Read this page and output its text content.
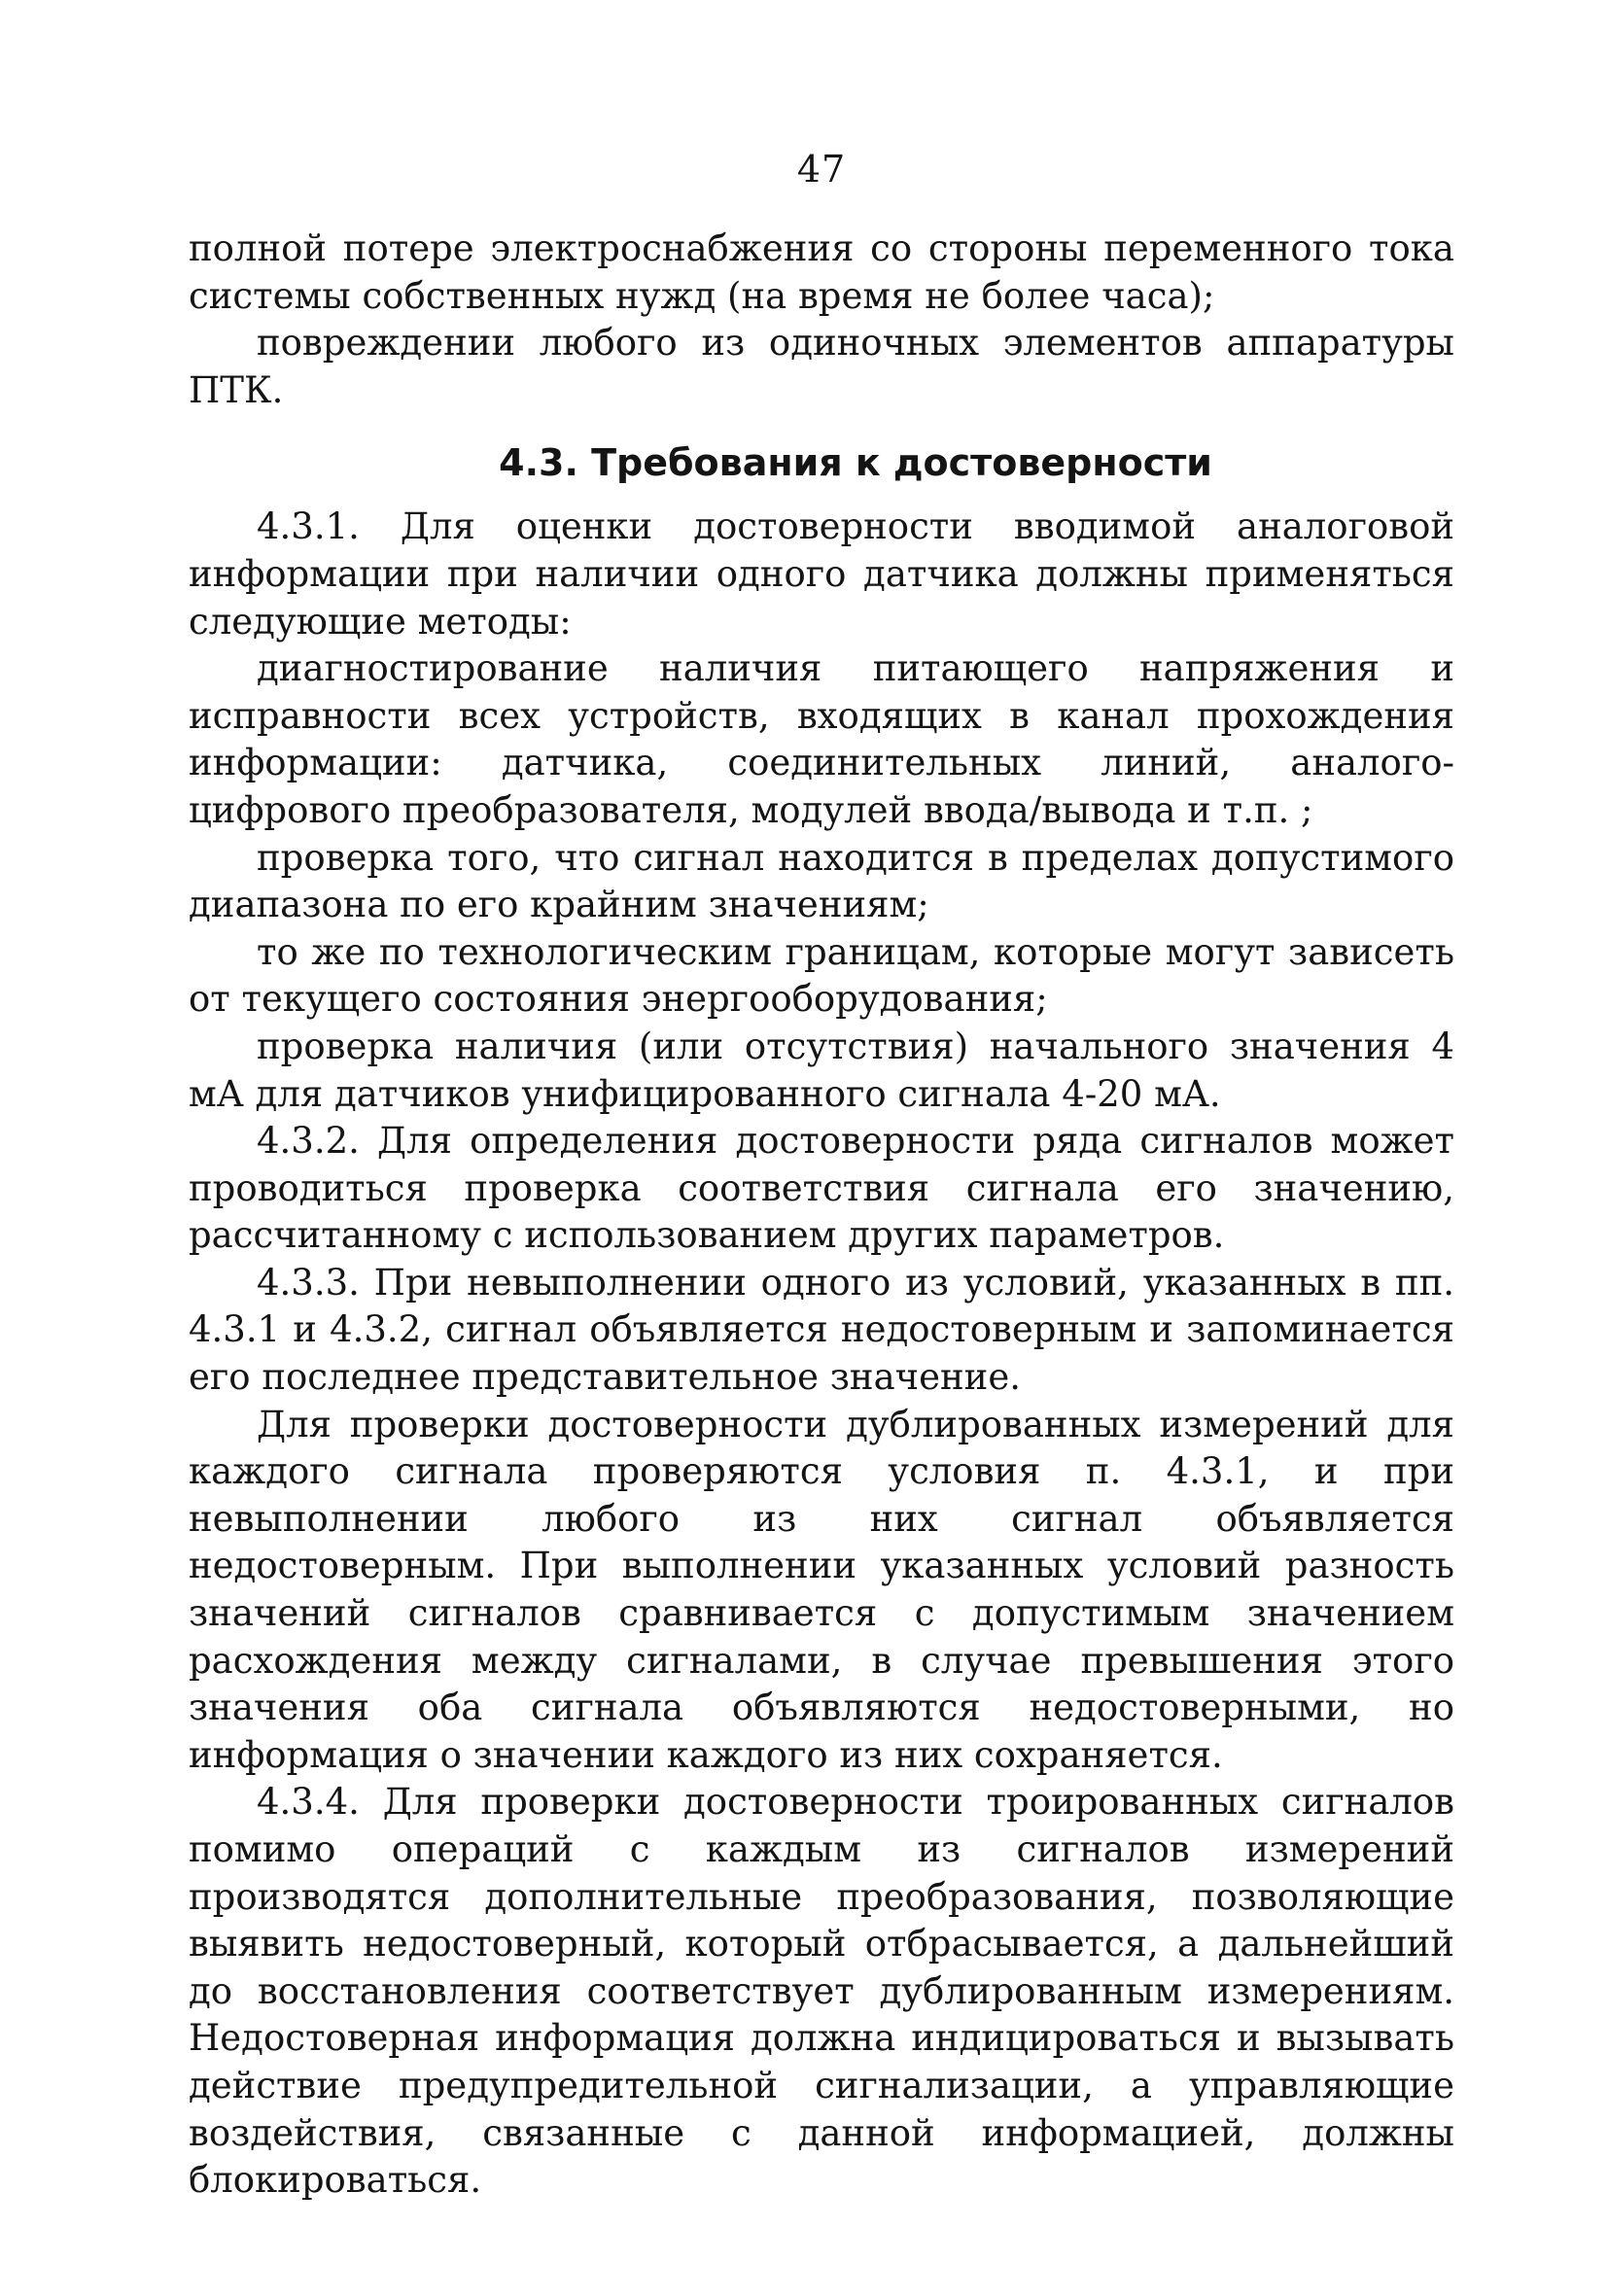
47

полной потере электроснабжения со стороны переменного тока системы собственных нужд (на время не более часа);

повреждении любого из одиночных элементов аппаратуры ПТК.

4.3. Требования к достоверности

4.3.1. Для оценки достоверности вводимой аналоговой информации при наличии одного датчика должны применяться следующие методы:

диагностирование наличия питающего напряжения и исправности всех устройств, входящих в канал прохождения информации: датчика, соединительных линий, аналого-цифрового преобразователя, модулей ввода/вывода и т.п. ;

проверка того, что сигнал находится в пределах допустимого диапазона по его крайним значениям;

то же по технологическим границам, которые могут зависеть от текущего состояния энергооборудования;

проверка наличия (или отсутствия) начального значения 4 мА для датчиков унифицированного сигнала 4-20 мА.

4.3.2. Для определения достоверности ряда сигналов может проводиться проверка соответствия сигнала его значению, рассчитанному с использованием других параметров.

4.3.3. При невыполнении одного из условий, указанных в пп. 4.3.1 и 4.3.2, сигнал объявляется недостоверным и запоминается его последнее представительное значение.

Для проверки достоверности дублированных измерений для каждого сигнала проверяются условия п. 4.3.1, и при невыполнении любого из них сигнал объявляется недостоверным. При выполнении указанных условий разность значений сигналов сравнивается с допустимым значением расхождения между сигналами, в случае превышения этого значения оба сигнала объявляются недостоверными, но информация о значении каждого из них сохраняется.

4.3.4. Для проверки достоверности троированных сигналов помимо операций с каждым из сигналов измерений производятся дополнительные преобразования, позволяющие выявить недостоверный, который отбрасывается, а дальнейший до восстановления соответствует дублированным измерениям. Недостоверная информация должна индицироваться и вызывать действие предупредительной сигнализации, а управляющие воздействия, связанные с данной информацией, должны блокироваться.
